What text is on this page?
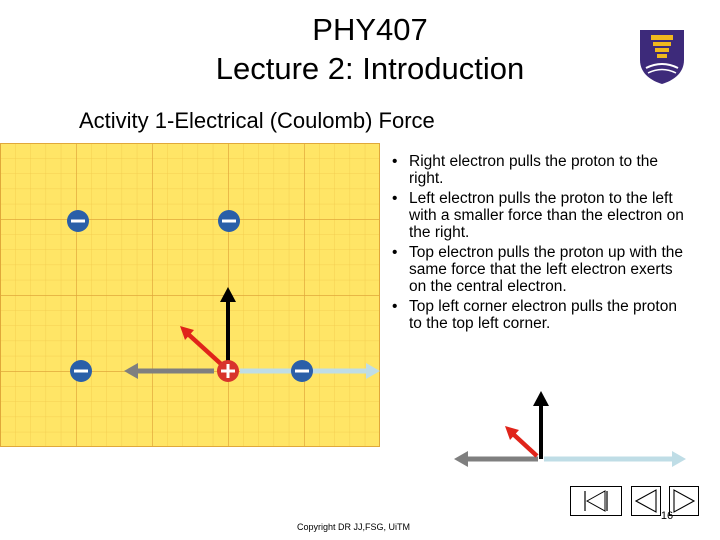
PHY407
Lecture 2: Introduction
Activity 1-Electrical (Coulomb) Force
• Right electron pulls the proton to the right.
• Left electron pulls the proton to the left with a smaller force than the electron on the right.
• Top electron pulls the proton up with the same force that the left electron exerts on the central electron.
• Top left corner electron pulls the proton to the top left corner.
16
Copyright DR JJ,FSG, UiTM
